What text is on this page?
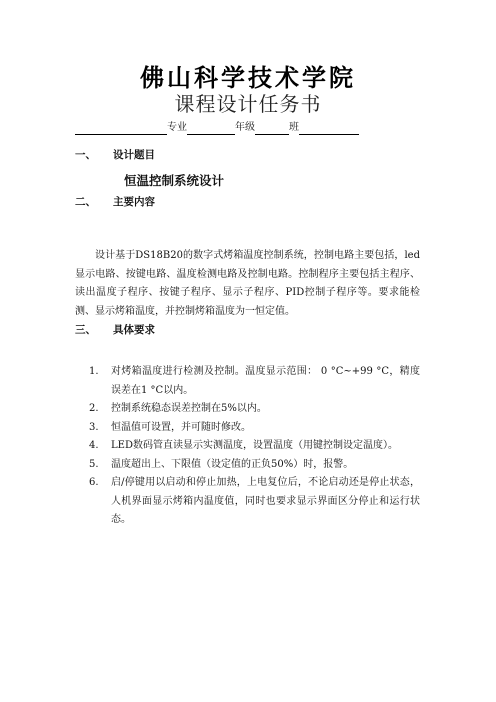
佛山科学技术学院
课程设计任务书
专业	年级	班
一、 设计题目
恒温控制系统设计
二、 主要内容

设计基于DS18B20的数字式烤箱温度控制系统，控制电路主要包括，led显示电路、按键电路、温度检测电路及控制电路。控制程序主要包括主程序、读出温度子程序、按键子程序、显示子程序、PID控制子程序等。要求能检测、显示烤箱温度，并控制烤箱温度为一恒定值。

三、 具体要求
1.	对烤箱温度进行检测及控制。温度显示范围： 0 °C~+99 °C，精度误差在1 °C以内。
2.	控制系统稳态误差控制在5%以内。
3.	恒温值可设置，并可随时修改。
4.	LED数码管直读显示实测温度，设置温度（用键控制设定温度）。
5.	温度超出上、下限值（设定值的正负50%）时，报警。
6.	启/停键用以启动和停止加热，上电复位后，不论启动还是停止状态，人机界面显示烤箱内温度值，同时也要求显示界面区分停止和运行状态。
